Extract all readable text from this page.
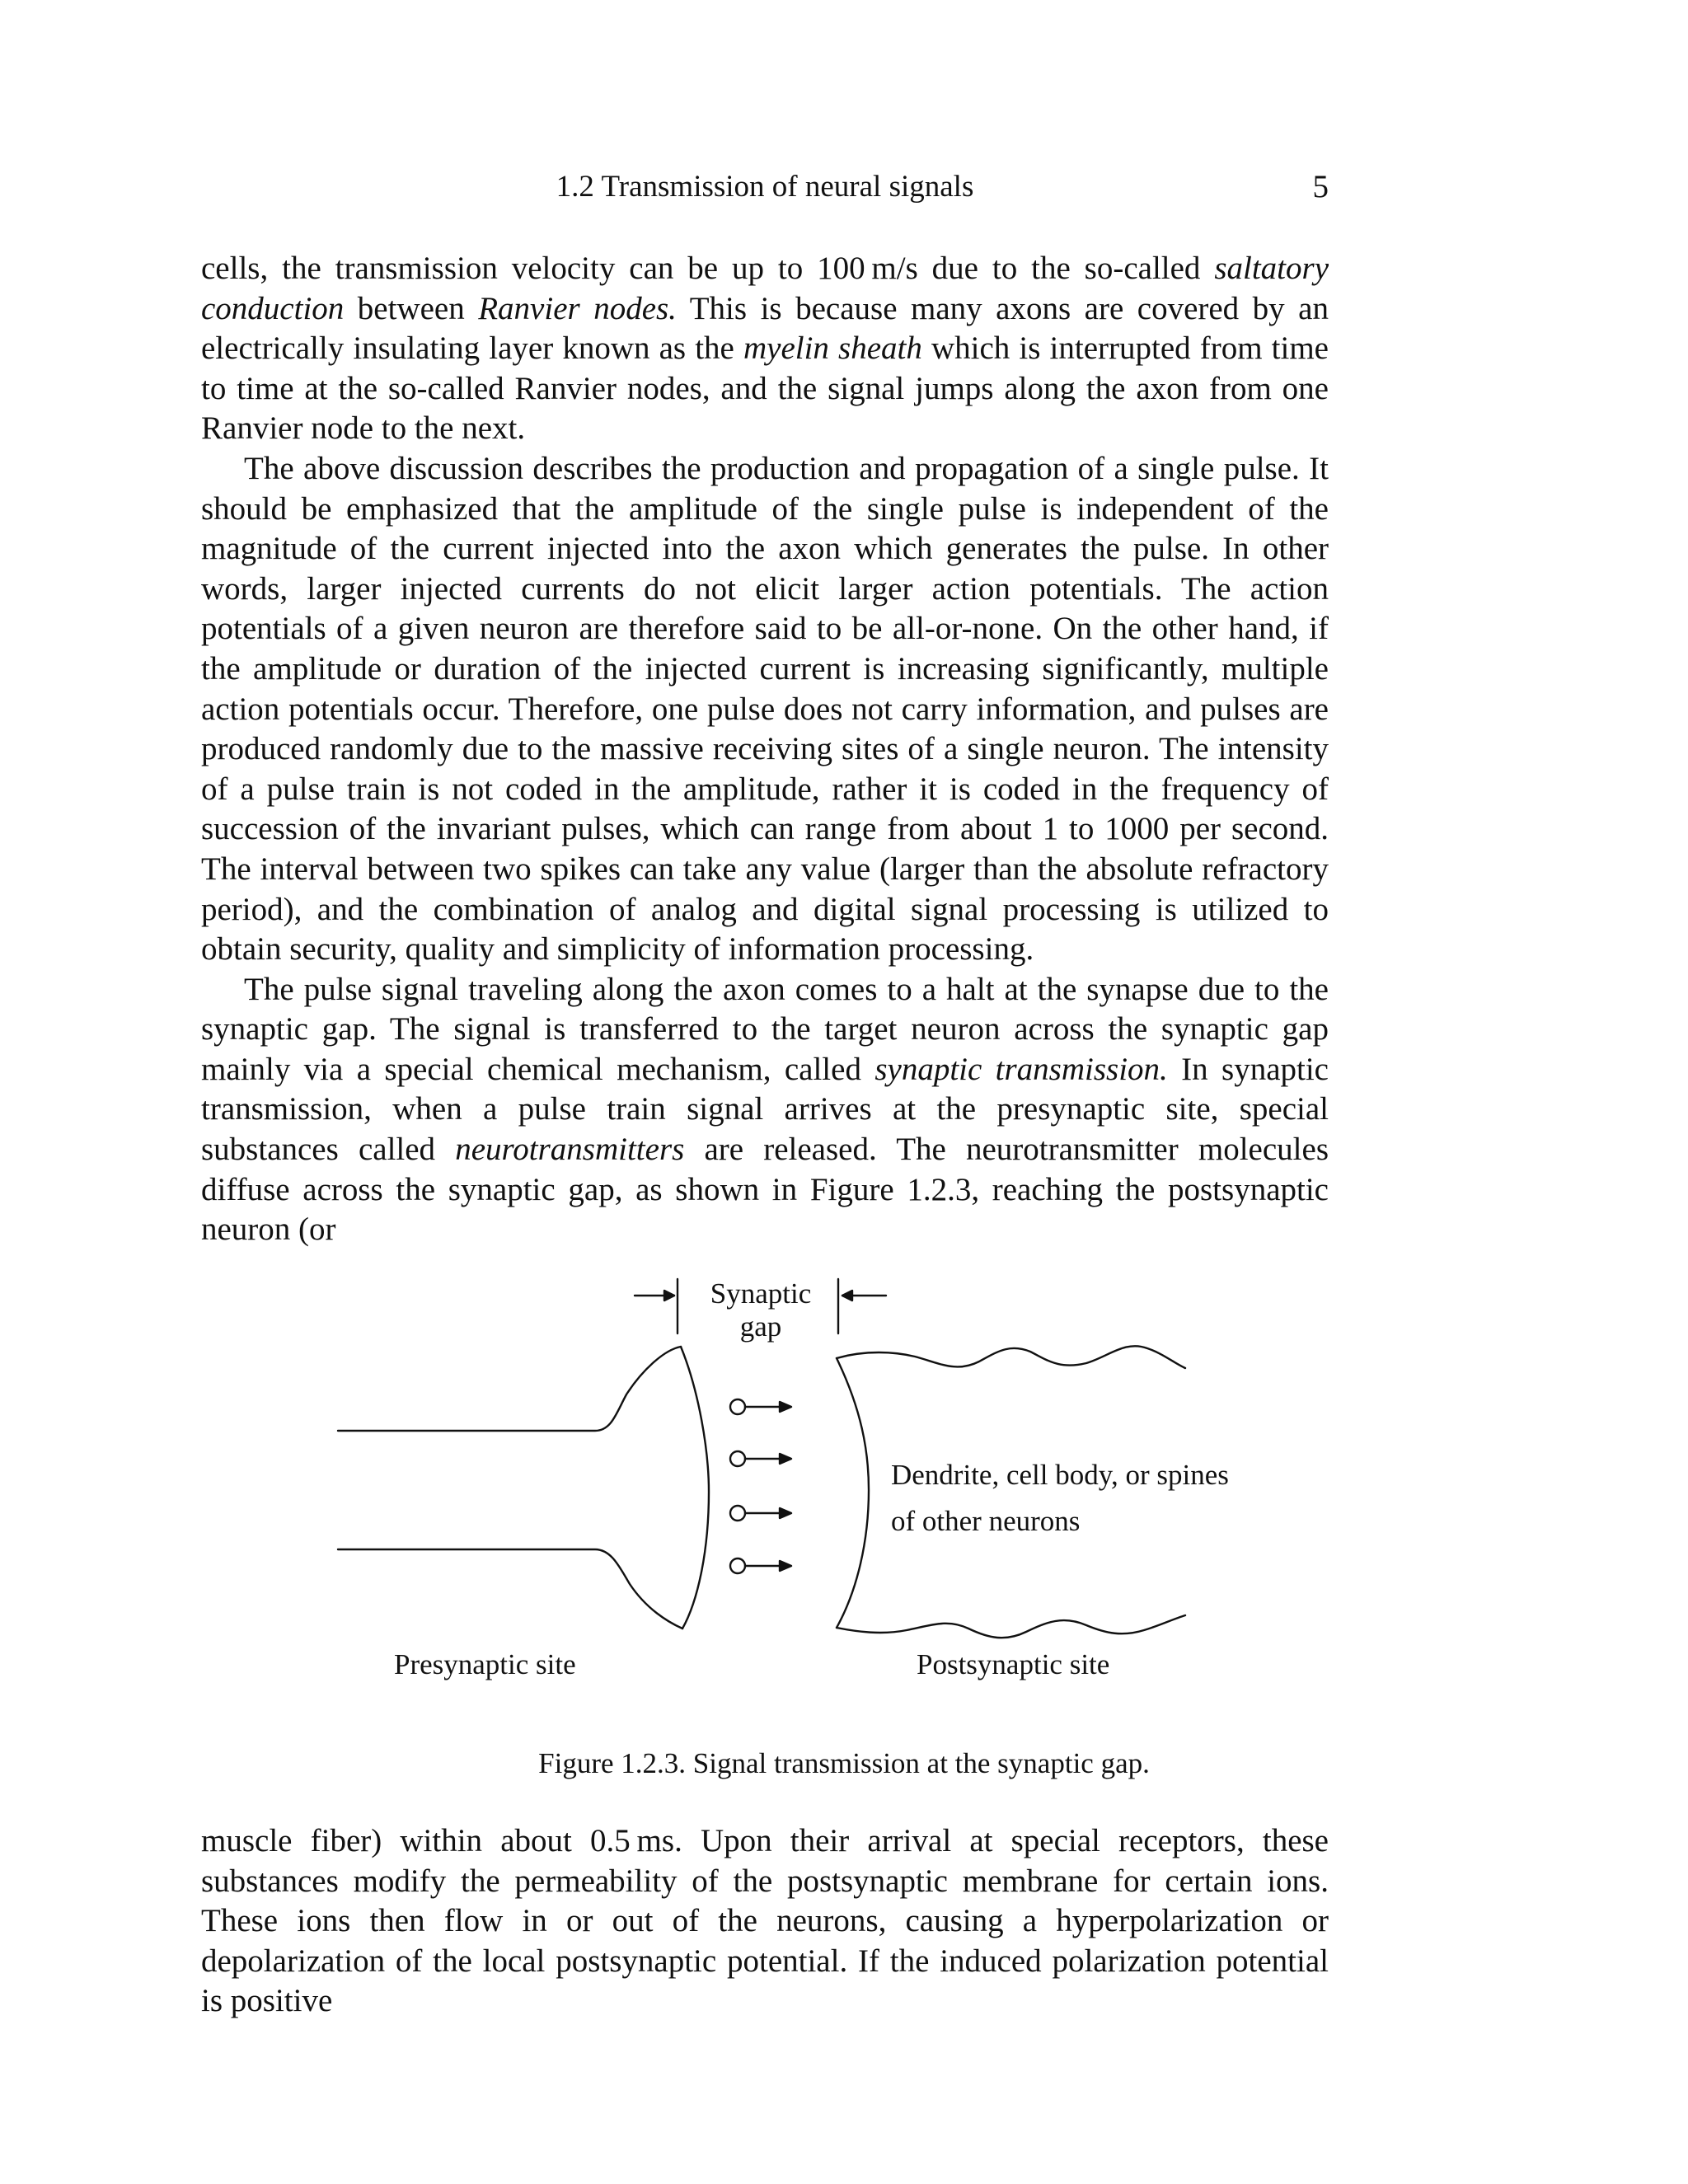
1.2 Transmission of neural signals	5

cells, the transmission velocity can be up to 100 m/s due to the so-called saltatory conduction between Ranvier nodes. This is because many axons are covered by an electrically insulating layer known as the myelin sheath which is interrupted from time to time at the so-called Ranvier nodes, and the signal jumps along the axon from one Ranvier node to the next.

The above discussion describes the production and propagation of a single pulse. It should be emphasized that the amplitude of the single pulse is independent of the magnitude of the current injected into the axon which generates the pulse. In other words, larger injected currents do not elicit larger action potentials. The action potentials of a given neuron are therefore said to be all-or-none. On the other hand, if the amplitude or duration of the injected current is increasing significantly, multiple action potentials occur. Therefore, one pulse does not carry information, and pulses are produced randomly due to the massive receiving sites of a single neuron. The intensity of a pulse train is not coded in the amplitude, rather it is coded in the frequency of succession of the invariant pulses, which can range from about 1 to 1000 per second. The interval between two spikes can take any value (larger than the absolute refractory period), and the combination of analog and digital signal processing is utilized to obtain security, quality and simplicity of information processing.

The pulse signal traveling along the axon comes to a halt at the synapse due to the synaptic gap. The signal is transferred to the target neuron across the synaptic gap mainly via a special chemical mechanism, called synaptic transmission. In synaptic transmission, when a pulse train signal arrives at the presynaptic site, special substances called neurotransmitters are released. The neurotransmitter molecules diffuse across the synaptic gap, as shown in Figure 1.2.3, reaching the postsynaptic neuron (or

Synaptic
gap
Dendrite, cell body, or spines
of other neurons
Presynaptic site	Postsynaptic site
Figure 1.2.3. Signal transmission at the synaptic gap.

muscle fiber) within about 0.5 ms. Upon their arrival at special receptors, these substances modify the permeability of the postsynaptic membrane for certain ions. These ions then flow in or out of the neurons, causing a hyperpolarization or depolarization of the local postsynaptic potential. If the induced polarization potential is positive
